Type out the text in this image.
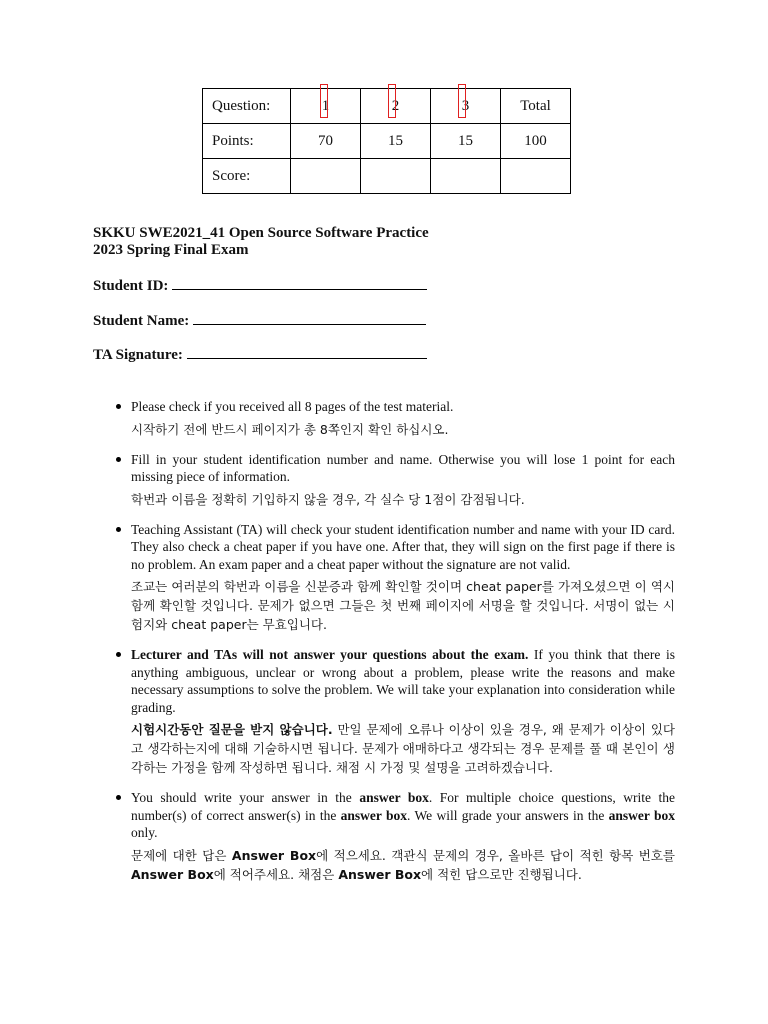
Question:	1	2	3	Total
Points:	70	15	15	100
Score:				
SKKU SWE2021_41 Open Source Software Practice
2023 Spring Final Exam
Student ID:
Student Name:
TA Signature:

Please check if you received all 8 pages of the test material.

시작하기 전에 반드시 페이지가 총 8쪽인지 확인 하십시오.

Fill in your student identification number and name. Otherwise you will lose 1 point for each missing piece of information.

학번과 이름을 정확히 기입하지 않을 경우, 각 실수 당 1점이 감점됩니다.

Teaching Assistant (TA) will check your student identification number and name with your ID card. They also check a cheat paper if you have one. After that, they will sign on the first page if there is no problem. An exam paper and a cheat paper without the signature are not valid.

조교는 여러분의 학번과 이름을 신분증과 함께 확인할 것이며 cheat paper를 가져오셨으면 이 역시 함께 확인할 것입니다. 문제가 없으면 그들은 첫 번째 페이지에 서명을 할 것입니다. 서명이 없는 시험지와 cheat paper는 무효입니다.

Lecturer and TAs will not answer your questions about the exam. If you think that there is anything ambiguous, unclear or wrong about a problem, please write the reasons and make necessary assumptions to solve the problem. We will take your explanation into consideration while grading.

시험시간동안 질문을 받지 않습니다. 만일 문제에 오류나 이상이 있을 경우, 왜 문제가 이상이 있다고 생각하는지에 대해 기술하시면 됩니다. 문제가 애매하다고 생각되는 경우 문제를 풀 때 본인이 생각하는 가정을 함께 작성하면 됩니다. 채점 시 가정 및 설명을 고려하겠습니다.

You should write your answer in the answer box. For multiple choice questions, write the number(s) of correct answer(s) in the answer box. We will grade your answers in the answer box only.

문제에 대한 답은 Answer Box에 적으세요. 객관식 문제의 경우, 올바른 답이 적힌 항목 번호를 Answer Box에 적어주세요. 채점은 Answer Box에 적힌 답으로만 진행됩니다.
